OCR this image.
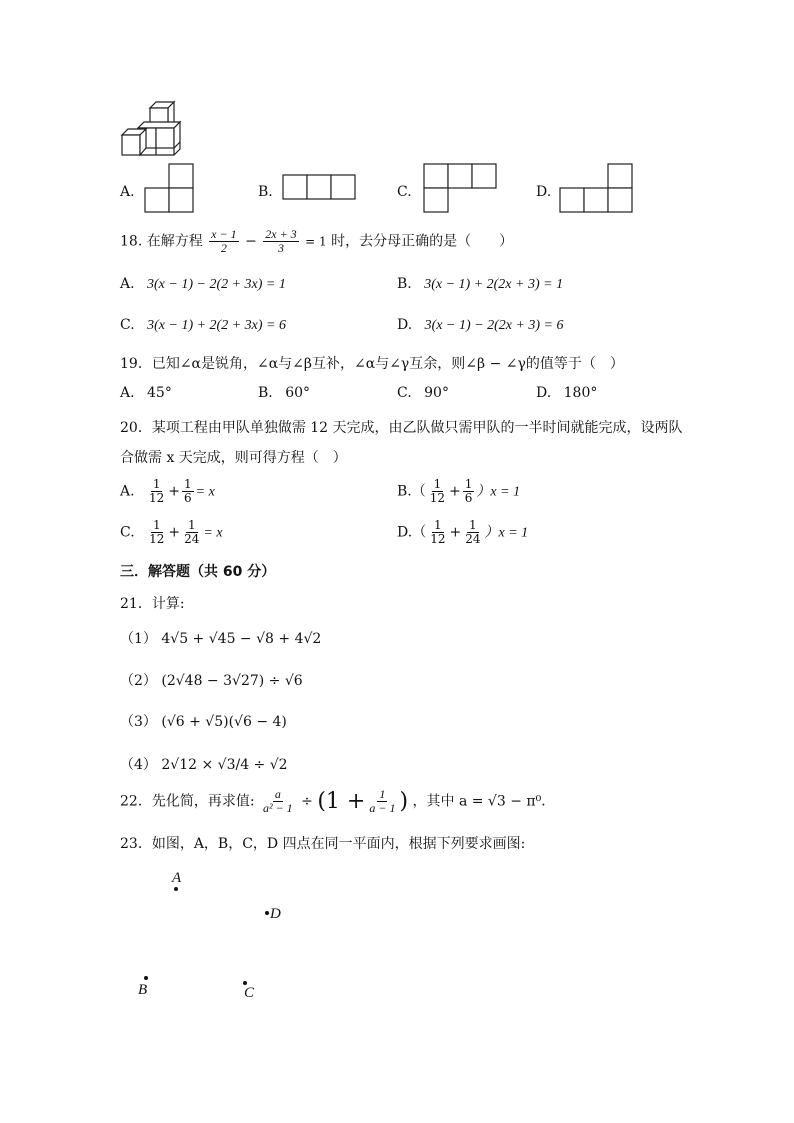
A.	B.	C.	D.
18. 在解方程 $\frac{x - 1}{2} - \frac{2x + 3}{3} = 1$ 时，去分母正确的是（　　）
A. 3(x − 1) − 2(2 + 3x) = 1	B. 3(x − 1) + 2(2x + 3) = 1
C. 3(x − 1) + 2(2 + 3x) = 6	D. 3(x − 1) − 2(2x + 3) = 6
19．已知∠α是锐角，∠α与∠β互补，∠α与∠γ互余，则∠β − ∠γ的值等于（　）
A. 45°	B. 60°	C. 90°	D. 180°
20．某项工程由甲队单独做需 12 天完成，由乙队做只需甲队的一半时间就能完成，设两队
合做需 x 天完成，则可得方程（　）
A. $\frac{1}{12} + \frac{1}{6} = x$	$B.( \frac{1}{12} + \frac{1}{6} )x = 1$
C. $\frac{1}{12} + \frac{1}{24} = x$	$D.( \frac{1}{12} + \frac{1}{24} )x = 1$
三．解答题（共 60 分）
21．计算:
（1） 4√5 + √45 − √8 + 4√2
（2） (2√48 − 3√27) ÷ √6
（3） (√6 + √5)(√6 − 4)
（4） 2√12 × √3/4 ÷ √2
22．先化简，再求值: $\frac{a}{\text{a² − 1}} \div (1 + \frac{1}{a - 1}$ ) ，其中 a = √3 − π⁰．
23．如图，A，B，C，D 四点在同一平面内，根据下列要求画图:
A
D
B	C
